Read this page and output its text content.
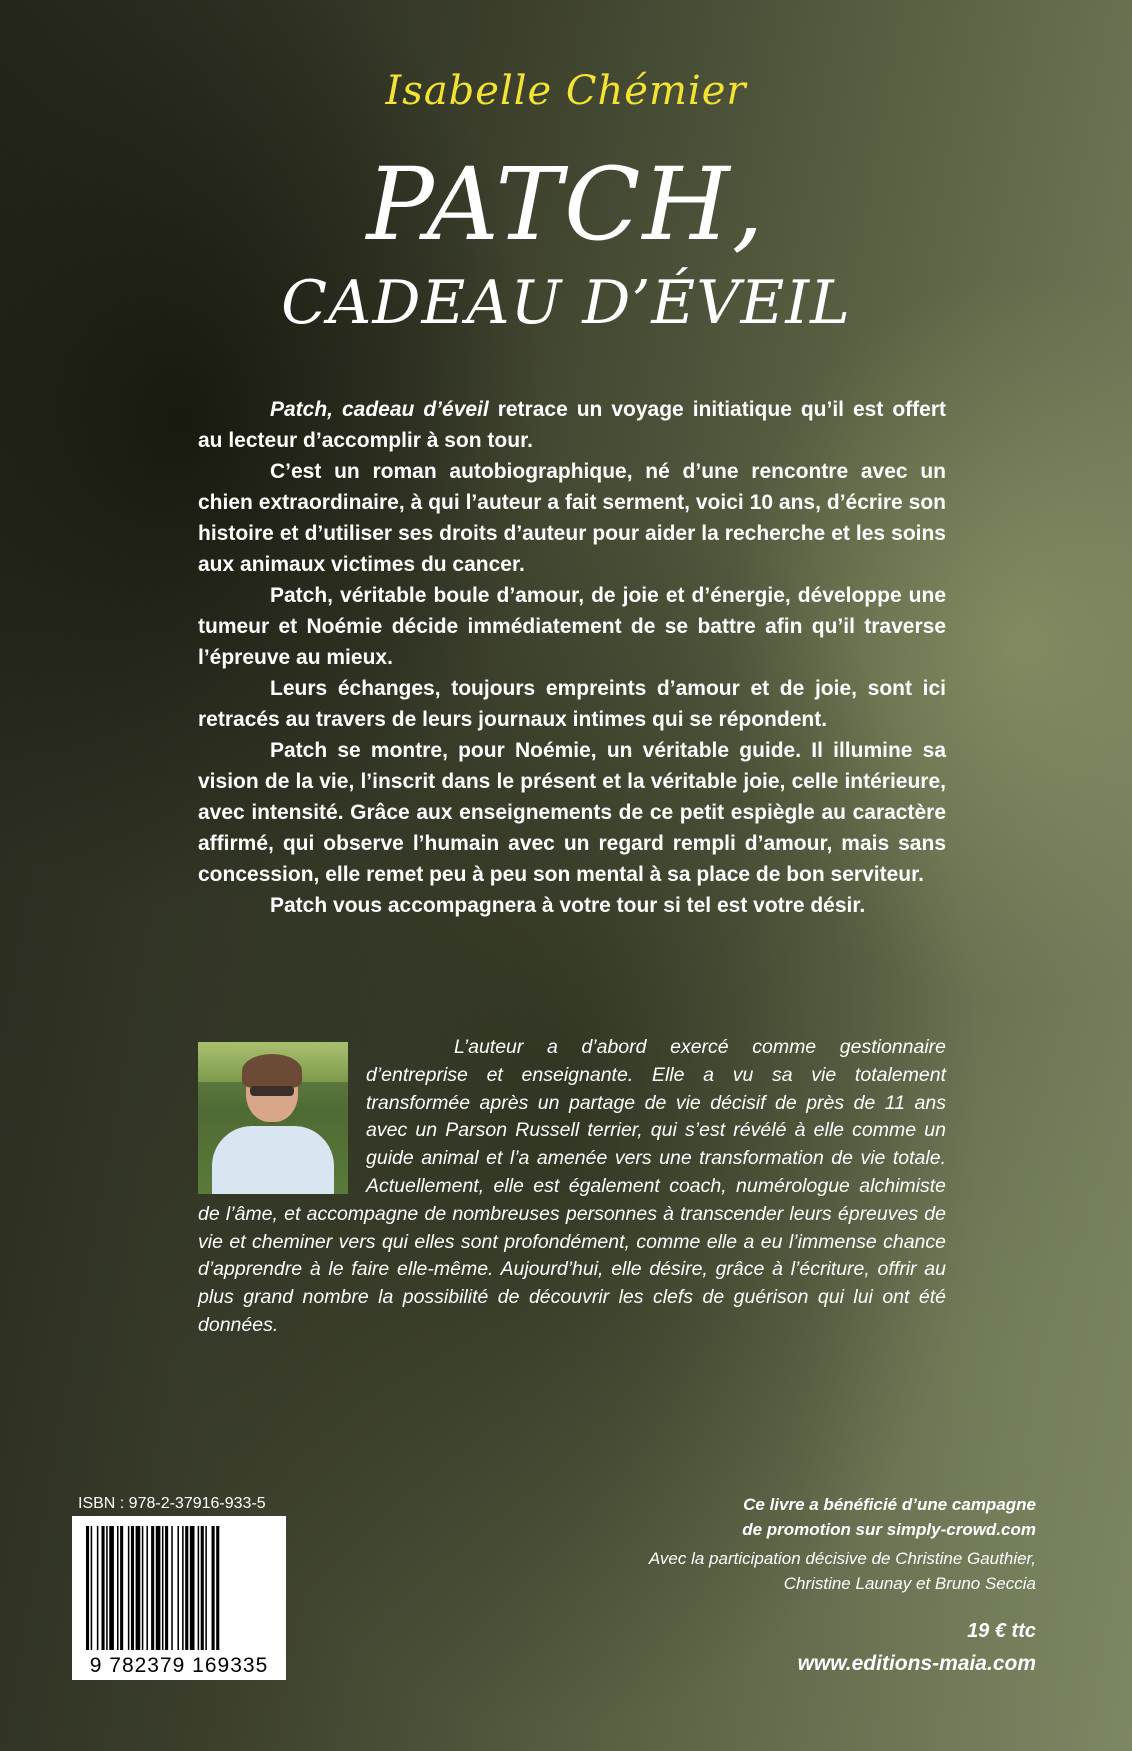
Isabelle Chémier
PATCH,
CADEAU D’ÉVEIL

Patch, cadeau d’éveil retrace un voyage initiatique qu’il est offert au lecteur d’accomplir à son tour.

C’est un roman autobiographique, né d’une rencontre avec un chien extraordinaire, à qui l’auteur a fait serment, voici 10 ans, d’écrire son histoire et d’utiliser ses droits d’auteur pour aider la recherche et les soins aux animaux victimes du cancer.

Patch, véritable boule d’amour, de joie et d’énergie, développe une tumeur et Noémie décide immédiatement de se battre afin qu’il traverse l’épreuve au mieux.

Leurs échanges, toujours empreints d’amour et de joie, sont ici retracés au travers de leurs journaux intimes qui se répondent.

Patch se montre, pour Noémie, un véritable guide. Il illumine sa vision de la vie, l’inscrit dans le présent et la véritable joie, celle intérieure, avec intensité. Grâce aux enseignements de ce petit espiègle au caractère affirmé, qui observe l’humain avec un regard rempli d’amour, mais sans concession, elle remet peu à peu son mental à sa place de bon serviteur.

Patch vous accompagnera à votre tour si tel est votre désir.

L’auteur a d’abord exercé comme gestionnaire d’entreprise et enseignante. Elle a vu sa vie totalement transformée après un partage de vie décisif de près de 11 ans avec un Parson Russell terrier, qui s’est révélé à elle comme un guide animal et l’a amenée vers une transformation de vie totale. Actuellement, elle est également coach, numérologue alchimiste de l’âme, et accompagne de nombreuses personnes à transcender leurs épreuves de vie et cheminer vers qui elles sont profondément, comme elle a eu l’immense chance d’apprendre à le faire elle-même. Aujourd’hui, elle désire, grâce à l’écriture, offrir au plus grand nombre la possibilité de découvrir les clefs de guérison qui lui ont été données.
ISBN : 978-2-37916-933-5
9 782379 169335
Ce livre a bénéficié d’une campagne
de promotion sur simply-crowd.com
Avec la participation décisive de Christine Gauthier,
Christine Launay et Bruno Seccia
19 € ttc
www.editions-maia.com
